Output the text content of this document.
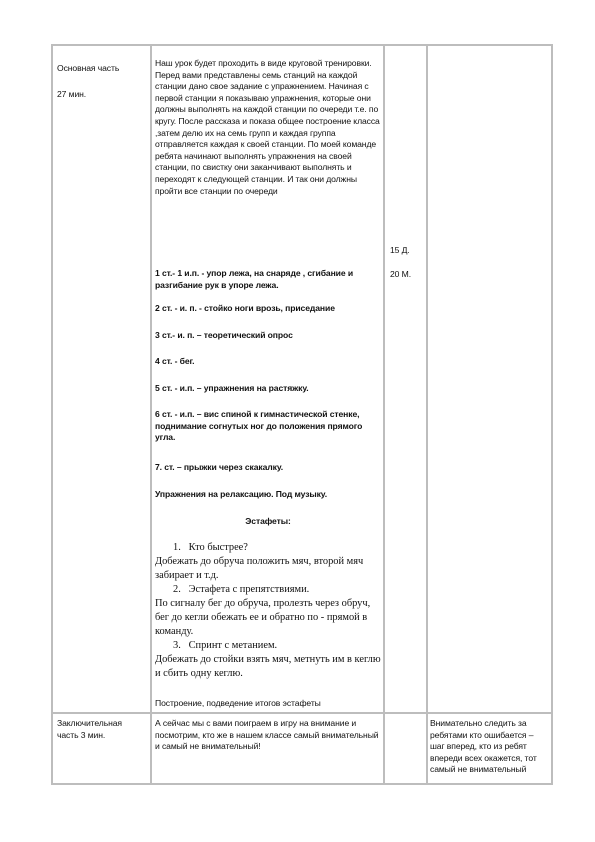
Основная часть

27 мин.

Наш урок будет проходить в виде круговой тренировки. Перед вами представлены семь станций на каждой станции дано свое задание с упражнением. Начиная с первой станции я показываю упражнения, которые они должны выполнять на каждой станции по очереди т.е. по кругу. После рассказа и показа общее построение класса ,затем делю их на семь групп и каждая группа отправляется каждая к своей станции. По моей команде ребята начинают выполнять упражнения на своей станции, по свистку они заканчивают выполнять и переходят к следующей станции. И так они должны пройти все станции по очереди

1 ст.- 1 и.п. - упор лежа, на снаряде , сгибание и разгибание рук в упоре лежа.

2 ст. - и. п. - стойко ноги врозь, приседание

3 ст.- и. п. – теоретический опрос

4 ст. - бег.

5 ст. - и.п. – упражнения на растяжку.

6 ст. - и.п. – вис спиной к гимнастической стенке, поднимание согнутых ног до положения прямого угла.

7. ст. – прыжки через скакалку.

Упражнения на релаксацию. Под музыку.

Эстафеты:

1. Кто быстрее?

Добежать до обруча положить мяч, второй мяч забирает и т.д.

2. Эстафета с препятствиями.

По сигналу бег до обруча, пролезть через обруч, бег до кегли обежать ее и обратно по - прямой в команду.

3. Спринт с метанием.

Добежать до стойки взять мяч, метнуть им в кеглю и сбить одну кеглю.

Построение, подведение итогов эстафеты

15 Д.

20 М.

Заключительная часть 3 мин.

А сейчас мы с вами поиграем в игру на внимание и посмотрим, кто же в нашем классе самый внимательный и самый не внимательный!

Внимательно следить за ребятами кто ошибается – шаг вперед, кто из ребят впереди всех окажется, тот самый не внимательный
